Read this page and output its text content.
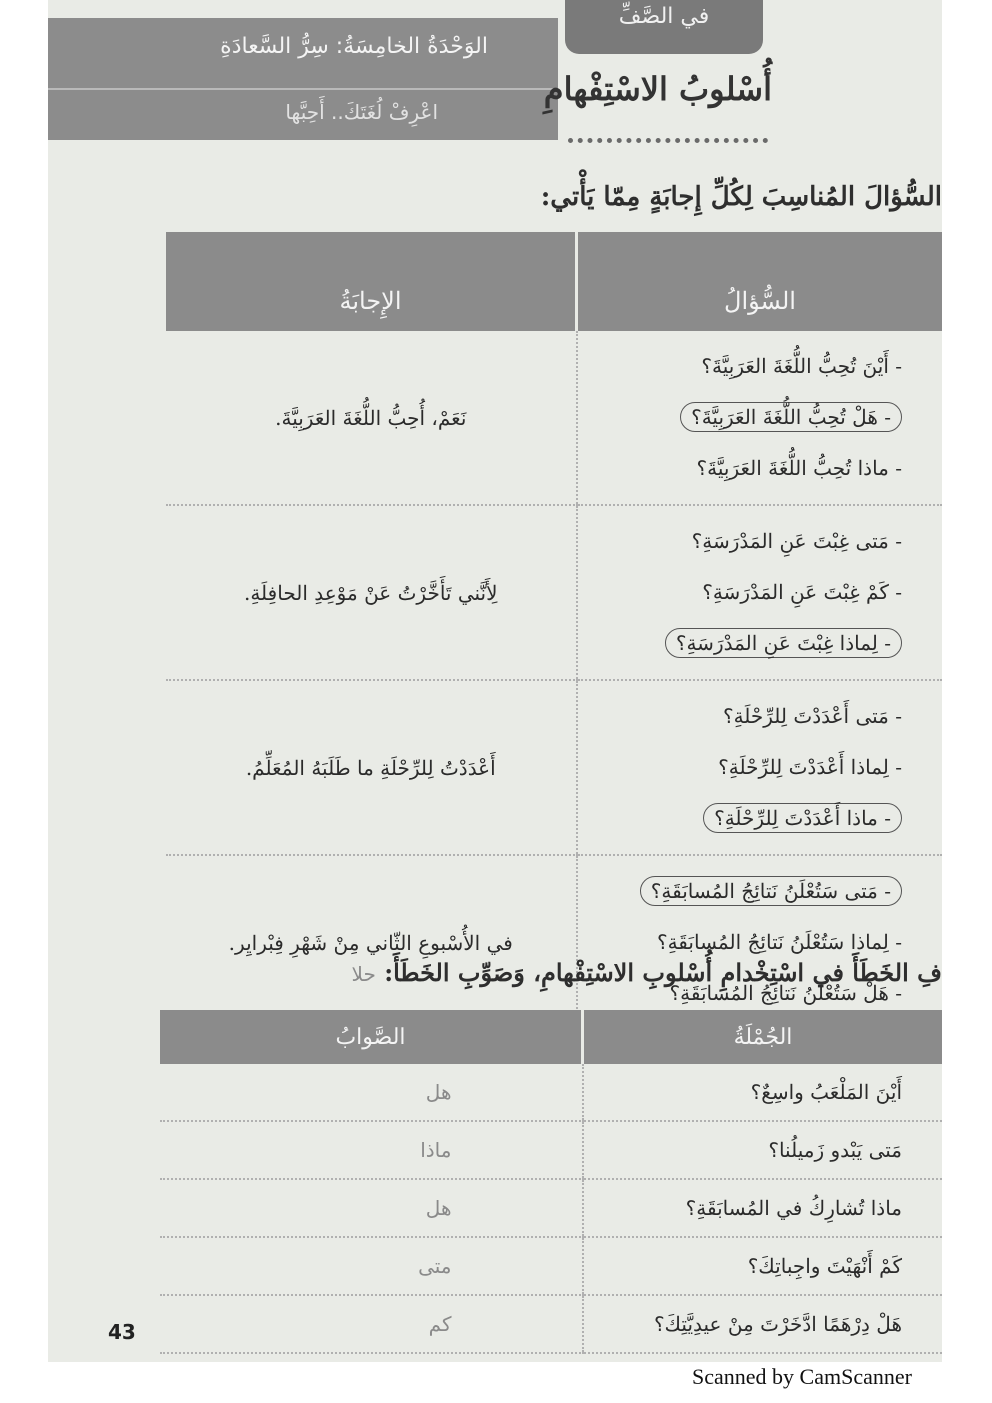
الوَحْدَةُ الخامِسَةُ: سِرُّ السَّعادَةِ
اعْرِفْ لُغَتَكَ.. أَحِبَّها
في الصَّفِّ
أُسْلوبُ الاسْتِفْهامِ
السُّؤالَ المُناسِبَ لِكُلِّ إِجابَةٍ مِمّا يَأْتي:
الإِجابَةُ	السُّؤالُ
نَعَمْ، أُحِبُّ اللُّغَةَ العَرَبِيَّةَ.	- أَيْنَ تُحِبُّ اللُّغَةَ العَرَبِيَّةَ؟
- هَلْ تُحِبُّ اللُّغَةَ العَرَبِيَّةَ؟
- ماذا تُحِبُّ اللُّغَةَ العَرَبِيَّةَ؟

لِأَنَّني تَأَخَّرْتُ عَنْ مَوْعِدِ الحافِلَةِ.	- مَتى غِبْتَ عَنِ المَدْرَسَةِ؟
- كَمْ غِبْتَ عَنِ المَدْرَسَةِ؟
- لِماذا غِبْتَ عَنِ المَدْرَسَةِ؟

أَعْدَدْتُ لِلرِّحْلَةِ ما طَلَبَهُ المُعَلِّمُ.	- مَتى أَعْدَدْتَ لِلرِّحْلَةِ؟
- لِماذا أَعْدَدْتَ لِلرِّحْلَةِ؟
- ماذا أَعْدَدْتَ لِلرِّحْلَةِ؟

في الأُسْبوعِ الثّاني مِنْ شَهْرِ فِبْرايِر.	- مَتى سَتُعْلَنُ نَتائِجُ المُسابَقَةِ؟
- لِماذا سَتُعْلَنُ نَتائِجُ المُسابَقَةِ؟
- هَلْ سَتُعْلَنُ نَتائِجُ المُسابَقَةِ؟
فِ الخَطَأَ في اسْتِخْدامِ أُسْلوبِ الاسْتِفْهامِ، وَصَوِّبِ الخَطَأَ: حلا
الصَّوابُ	الجُمْلَةُ
هل	أَيْنَ المَلْعَبُ واسِعٌ؟
ماذا	مَتى يَبْدو زَميلُنا؟
هل	ماذا تُشارِكُ في المُسابَقَةِ؟
متى	كَمْ أَنْهَيْتَ واجِباتِكَ؟
كم	هَلْ دِرْهَمًا ادَّخَرْتَ مِنْ عيدِيَّتِكَ؟
43
Scanned by CamScanner
